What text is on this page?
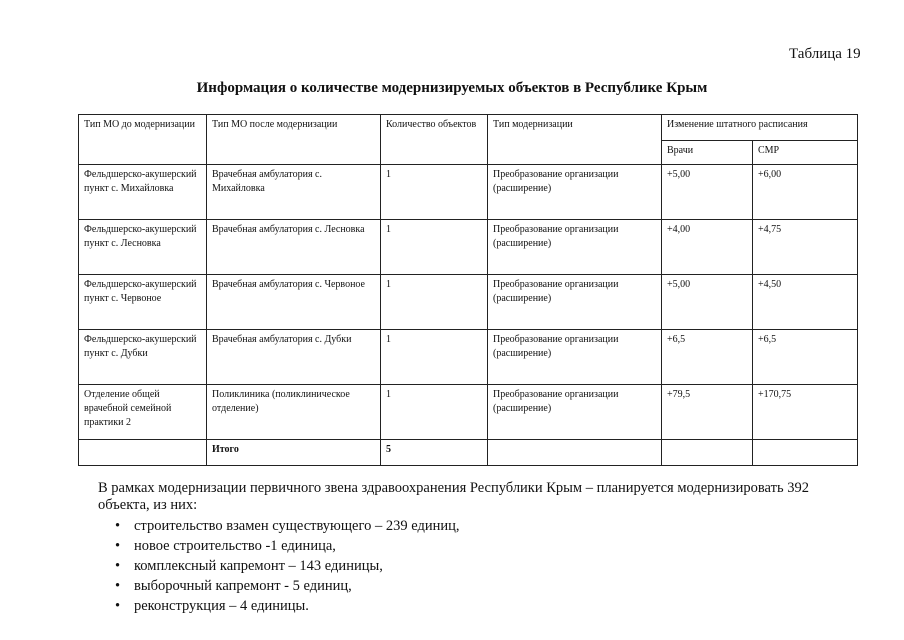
Таблица 19
Информация о количестве модернизируемых объектов в Республике Крым
Тип МО до модернизации	Тип МО после модернизации	Количество объектов	Тип модернизации	Изменение штатного расписания	
				Врачи	СМР
Фельдшерско-акушерский пункт с. Михайловка	Врачебная амбулатория с. Михайловка	1	Преобразование организации (расширение)	+5,00	+6,00
Фельдшерско-акушерский пункт с. Лесновка	Врачебная амбулатория с. Лесновка	1	Преобразование организации (расширение)	+4,00	+4,75
Фельдшерско-акушерский пункт с. Червоное	Врачебная амбулатория с. Червоное	1	Преобразование организации (расширение)	+5,00	+4,50
Фельдшерско-акушерский пункт с. Дубки	Врачебная амбулатория с. Дубки	1	Преобразование организации (расширение)	+6,5	+6,5
Отделение общей врачебной семейной практики 2	Поликлиника (поликлиническое отделение)	1	Преобразование организации (расширение)	+79,5	+170,75
	Итого	5			
В рамках модернизации первичного звена здравоохранения Республики Крым – планируется модернизировать 392 объекта, из них:
• строительство взамен существующего – 239 единиц,
• новое строительство -1 единица,
• комплексный капремонт – 143 единицы,
• выборочный капремонт - 5 единиц,
• реконструкция – 4 единицы.
